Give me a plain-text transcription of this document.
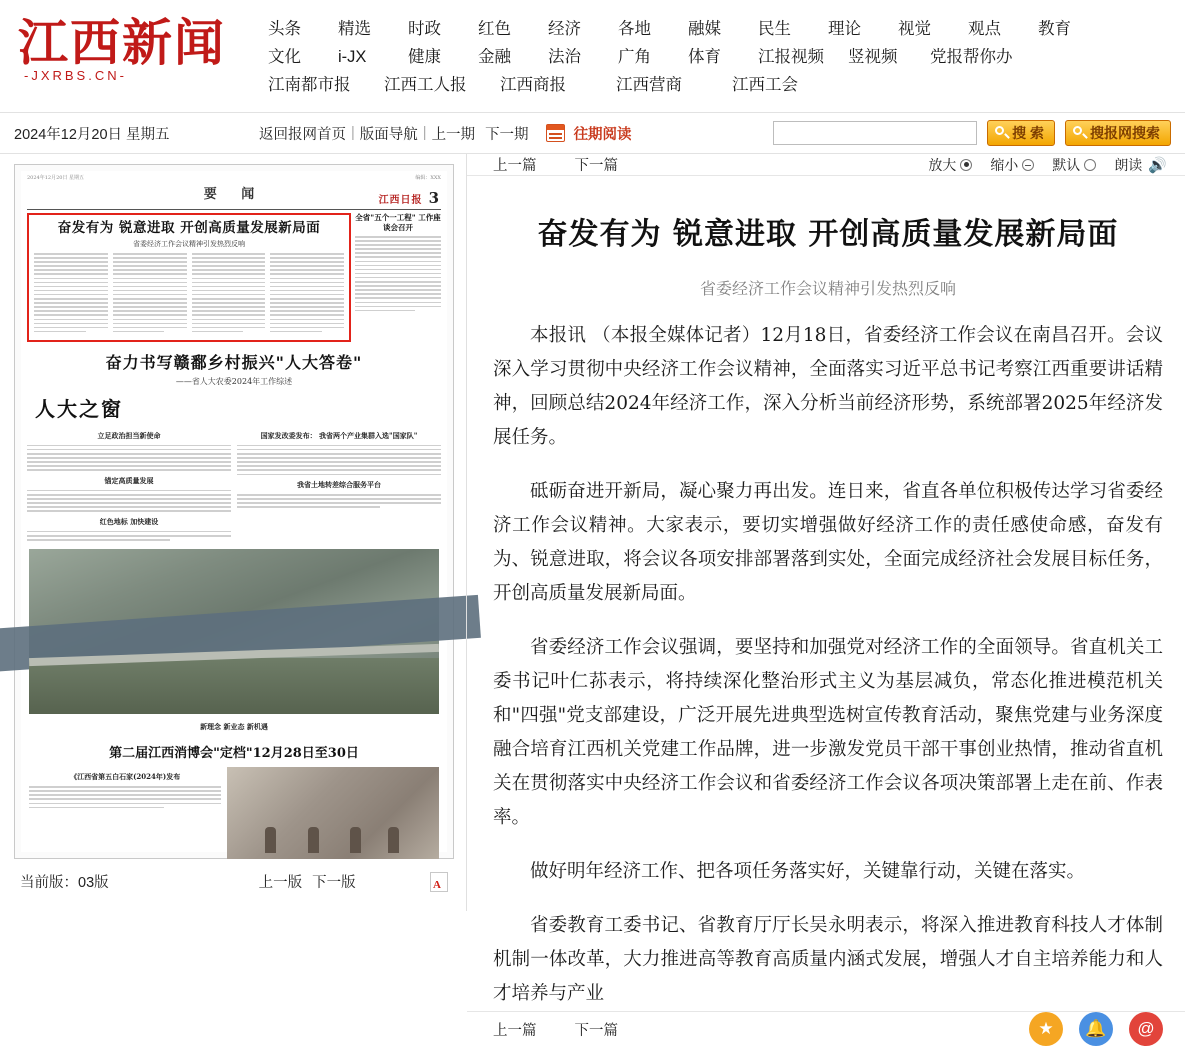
江西新闻
-JXRBS.CN-
头条	精选	时政	红色	经济	各地	融媒	民生	理论	视觉	观点	教育
文化	i-JX	健康	金融	法治	广角	体育	江报视频	竖视频	党报帮你办
江南都市报	江西工人报	江西商报	江西营商	江西工会
2024年12月20日 星期五	返回报网首页 | 版面导航 | 上一期 下一期	往期阅读	搜 索	搜报网搜索
2024年12月20日 星期五	编辑：XXX
要 闻	江西日报 3
奋发有为 锐意进取 开创高质量发展新局面
省委经济工作会议精神引发热烈反响
全省"五个一工程" 工作座谈会召开
奋力书写赣鄱乡村振兴"人大答卷"
——省人大农委2024年工作综述
人大之窗
立足政治担当新使命
锚定高质量发展
红色地标 加快建设
国家发改委发布： 我省两个产业集群入选"国家队"
我省土地转差综合服务平台
新理念 新业态 新机遇
第二届江西消博会"定档"12月28日至30日
《江西省第五白石家(2024年)发布
当前版： 03版	上一版 下一版
A
上一篇	下一篇	放大 缩小 默认 朗读 🔊
奋发有为 锐意进取 开创高质量发展新局面
省委经济工作会议精神引发热烈反响

本报讯 （本报全媒体记者）12月18日，省委经济工作会议在南昌召开。会议深入学习贯彻中央经济工作会议精神，全面落实习近平总书记考察江西重要讲话精神，回顾总结2024年经济工作，深入分析当前经济形势，系统部署2025年经济发展任务。

砥砺奋进开新局，凝心聚力再出发。连日来，省直各单位积极传达学习省委经济工作会议精神。大家表示，要切实增强做好经济工作的责任感使命感，奋发有为、锐意进取，将会议各项安排部署落到实处，全面完成经济社会发展目标任务，开创高质量发展新局面。

省委经济工作会议强调，要坚持和加强党对经济工作的全面领导。省直机关工委书记叶仁荪表示，将持续深化整治形式主义为基层减负，常态化推进模范机关和"四强"党支部建设，广泛开展先进典型选树宣传教育活动，聚焦党建与业务深度融合培育江西机关党建工作品牌，进一步激发党员干部干事创业热情，推动省直机关在贯彻落实中央经济工作会议和省委经济工作会议各项决策部署上走在前、作表率。

做好明年经济工作、把各项任务落实好，关键靠行动，关键在落实。

省委教育工委书记、省教育厅厅长吴永明表示，将深入推进教育科技人才体制机制一体改革，大力推进高等教育高质量内涵式发展，增强人才自主培养能力和人才培养与产业

上一篇	下一篇	★	🔔	@
